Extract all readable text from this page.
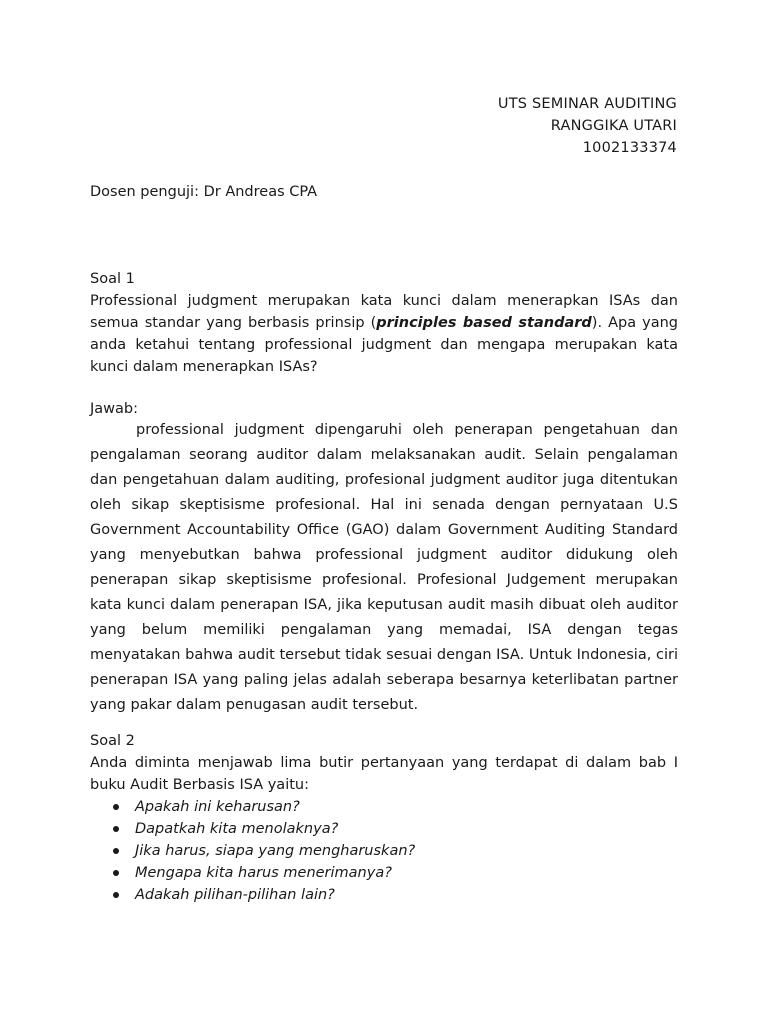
UTS SEMINAR AUDITING
RANGGIKA UTARI
1002133374
Dosen penguji: Dr Andreas CPA
Soal 1
Professional judgment merupakan kata kunci dalam menerapkan ISAs dan semua standar yang berbasis prinsip (principles based standard). Apa yang anda ketahui tentang professional judgment dan mengapa merupakan kata kunci dalam menerapkan ISAs?
Jawab:
professional judgment dipengaruhi oleh penerapan pengetahuan dan pengalaman seorang auditor dalam melaksanakan audit. Selain pengalaman dan pengetahuan dalam auditing, profesional judgment auditor juga ditentukan oleh sikap skeptisisme profesional. Hal ini senada dengan pernyataan U.S Government Accountability Office (GAO) dalam Government Auditing Standard yang menyebutkan bahwa professional judgment auditor didukung oleh penerapan sikap skeptisisme profesional. Profesional Judgement merupakan kata kunci dalam penerapan ISA, jika keputusan audit masih dibuat oleh auditor yang belum memiliki pengalaman yang memadai, ISA dengan tegas menyatakan bahwa audit tersebut tidak sesuai dengan ISA. Untuk Indonesia, ciri penerapan ISA yang paling jelas adalah seberapa besarnya keterlibatan partner yang pakar dalam penugasan audit tersebut.
Soal 2
Anda diminta menjawab lima butir pertanyaan yang terdapat di dalam bab I buku Audit Berbasis ISA yaitu:
Apakah ini keharusan?
Dapatkah kita menolaknya?
Jika harus, siapa yang mengharuskan?
Mengapa kita harus menerimanya?
Adakah pilihan-pilihan lain?
